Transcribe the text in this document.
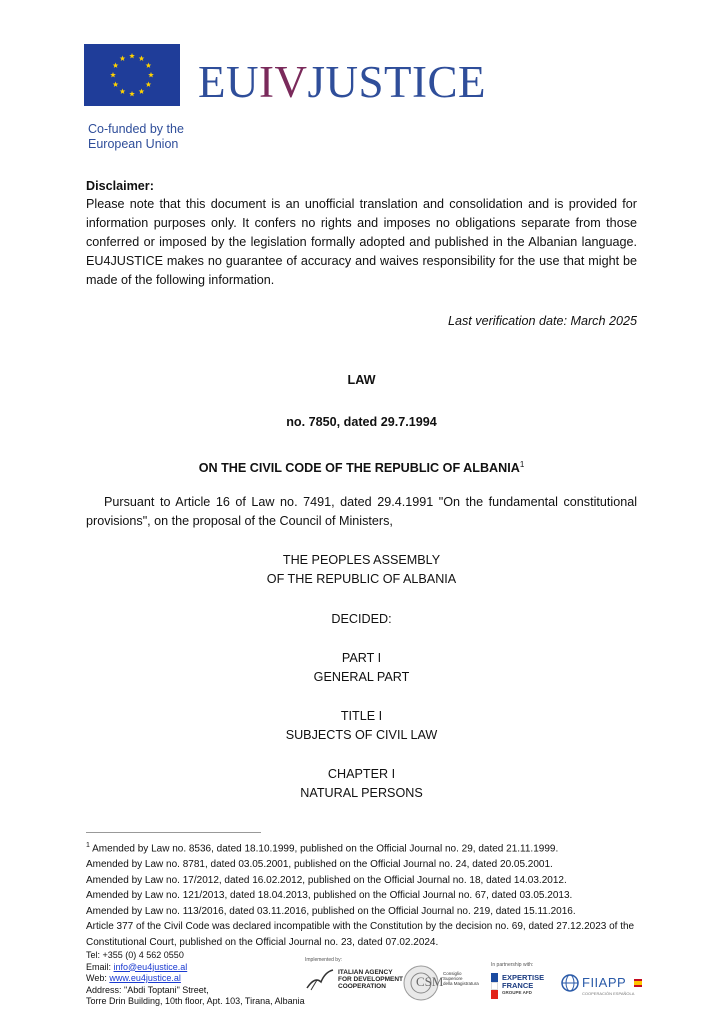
EUIVJUSTICE
Co-funded by the
European Union
Disclaimer:
Please note that this document is an unofficial translation and consolidation and is provided for information purposes only. It confers no rights and imposes no obligations separate from those conferred or imposed by the legislation formally adopted and published in the Albanian language. EU4JUSTICE makes no guarantee of accuracy and waives responsibility for the use that might be made of the following information.
Last verification date: March 2025
LAW
no. 7850, dated 29.7.1994
ON THE CIVIL CODE OF THE REPUBLIC OF ALBANIA$^1$
Pursuant to Article 16 of Law no. 7491, dated 29.4.1991 "On the fundamental constitutional provisions", on the proposal of the Council of Ministers,
THE PEOPLES ASSEMBLY
OF THE REPUBLIC OF ALBANIA
DECIDED:
PART I
GENERAL PART
TITLE I
SUBJECTS OF CIVIL LAW
CHAPTER I
NATURAL PERSONS
$^1$ Amended by Law no. 8536, dated 18.10.1999, published on the Official Journal no. 29, dated 21.11.1999.
Amended by Law no. 8781, dated 03.05.2001, published on the Official Journal no. 24, dated 20.05.2001.
Amended by Law no. 17/2012, dated 16.02.2012, published on the Official Journal no. 18, dated 14.03.2012.
Amended by Law no. 121/2013, dated 18.04.2013, published on the Official Journal no. 67, dated 03.05.2013.
Amended by Law no. 113/2016, dated 03.11.2016, published on the Official Journal no. 219, dated 15.11.2016.
Article 377 of the Civil Code was declared incompatible with the Constitution by the decision no. 69, dated 27.12.2023 of the Constitutional Court, published on the Official Journal no. 23, dated 07.02.2024.
Tel: +355 (0) 4 562 0550
Email: info@eu4justice.al
Web: www.eu4justice.al
Address: "Abdi Toptani" Street,
Torre Drin Building, 10th floor, Apt. 103, Tirana, Albania
Implemented by:
ITALIAN AGENCY
FOR DEVELOPMENT
COOPERATION	CSM
Consiglio
Superiore
della Magistratura
In partnership with:
EXPERTISE
FRANCE
GROUPE AFD
FIIAPP
COOPERACIÓN ESPAÑOLA
